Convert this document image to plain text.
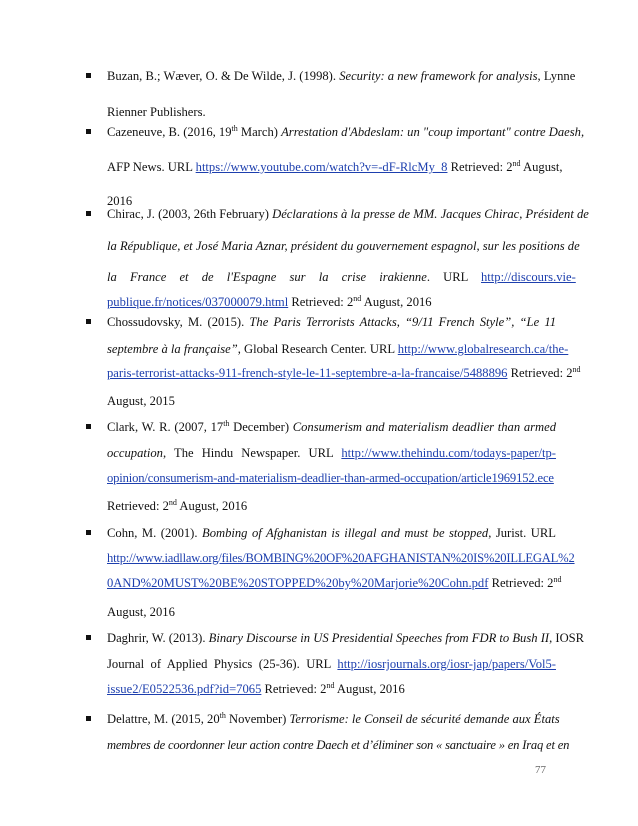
Buzan, B.; Wæver, O. & De Wilde, J. (1998). Security: a new framework for analysis, Lynne
Rienner Publishers.
Cazeneuve, B. (2016, 19th March) Arrestation d'Abdeslam: un "coup important" contre Daesh,
AFP News. URL https://www.youtube.com/watch?v=-dF-RlcMy_8 Retrieved: 2nd August,
2016
Chirac, J. (2003, 26th February) Déclarations à la presse de MM. Jacques Chirac, Président de
la République, et José Maria Aznar, président du gouvernement espagnol, sur les positions de
la France et de l'Espagne sur la crise irakienne. URL http://discours.vie-
publique.fr/notices/037000079.html Retrieved: 2nd August, 2016
Chossudovsky, M. (2015). The Paris Terrorists Attacks, “9/11 French Style”, “Le 11
septembre à la française”, Global Research Center. URL http://www.globalresearch.ca/the-
paris-terrorist-attacks-911-french-style-le-11-septembre-a-la-francaise/5488896 Retrieved: 2nd
August, 2015
Clark, W. R. (2007, 17th December) Consumerism and materialism deadlier than armed
occupation, The Hindu Newspaper. URL http://www.thehindu.com/todays-paper/tp-
opinion/consumerism-and-materialism-deadlier-than-armed-occupation/article1969152.ece
Retrieved: 2nd August, 2016
Cohn, M. (2001). Bombing of Afghanistan is illegal and must be stopped, Jurist. URL
http://www.iadllaw.org/files/BOMBING%20OF%20AFGHANISTAN%20IS%20ILLEGAL%2
0AND%20MUST%20BE%20STOPPED%20by%20Marjorie%20Cohn.pdf Retrieved: 2nd
August, 2016
Daghrir, W. (2013). Binary Discourse in US Presidential Speeches from FDR to Bush II, IOSR
Journal of Applied Physics (25-36). URL http://iosrjournals.org/iosr-jap/papers/Vol5-
issue2/E0522536.pdf?id=7065 Retrieved: 2nd August, 2016
Delattre, M. (2015, 20th November) Terrorisme: le Conseil de sécurité demande aux États
membres de coordonner leur action contre Daech et d’éliminer son « sanctuaire » en Iraq et en
77
